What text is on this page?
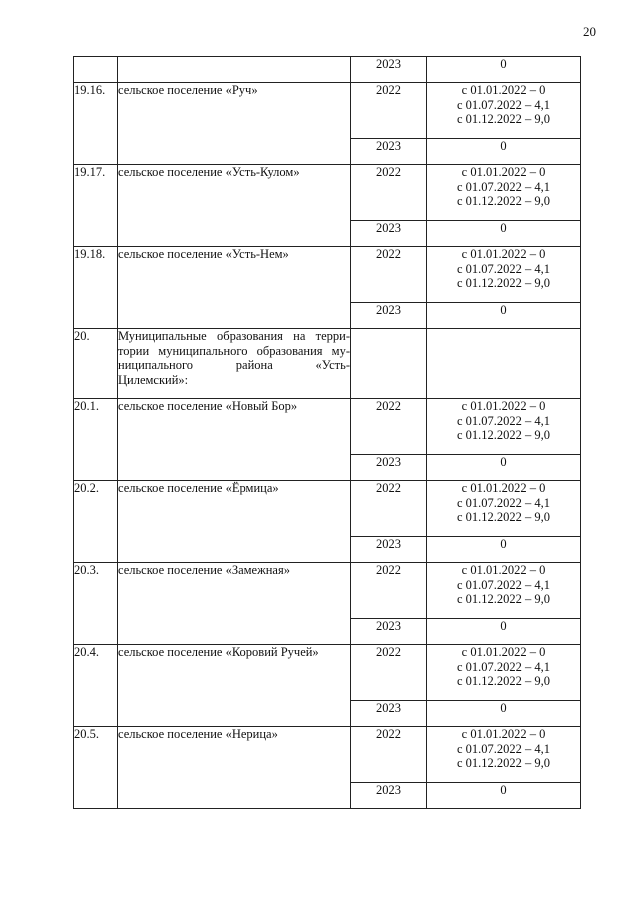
20
		2023	0
19.16.	сельское поселение «Руч»	2022	с 01.01.2022 – 0
с 01.07.2022 – 4,1
с 01.12.2022 – 9,0

		2023	0
19.17.	сельское поселение «Усть-Кулом»	2022	с 01.01.2022 – 0
с 01.07.2022 – 4,1
с 01.12.2022 – 9,0

		2023	0
19.18.	сельское поселение «Усть-Нем»	2022	с 01.01.2022 – 0
с 01.07.2022 – 4,1
с 01.12.2022 – 9,0

		2023	0
20.	Муниципальные образования на терри-
тории муниципального образования му-
ниципального района «Усть-
Цилемский»:		

20.1.	сельское поселение «Новый Бор»	2022	с 01.01.2022 – 0
с 01.07.2022 – 4,1
с 01.12.2022 – 9,0

		2023	0
20.2.	сельское поселение «Ёрмица»	2022	с 01.01.2022 – 0
с 01.07.2022 – 4,1
с 01.12.2022 – 9,0

		2023	0
20.3.	сельское поселение «Замежная»	2022	с 01.01.2022 – 0
с 01.07.2022 – 4,1
с 01.12.2022 – 9,0

		2023	0
20.4.	сельское поселение «Коровий Ручей»	2022	с 01.01.2022 – 0
с 01.07.2022 – 4,1
с 01.12.2022 – 9,0

		2023	0
20.5.	сельское поселение «Нерица»	2022	с 01.01.2022 – 0
с 01.07.2022 – 4,1
с 01.12.2022 – 9,0

		2023	0
